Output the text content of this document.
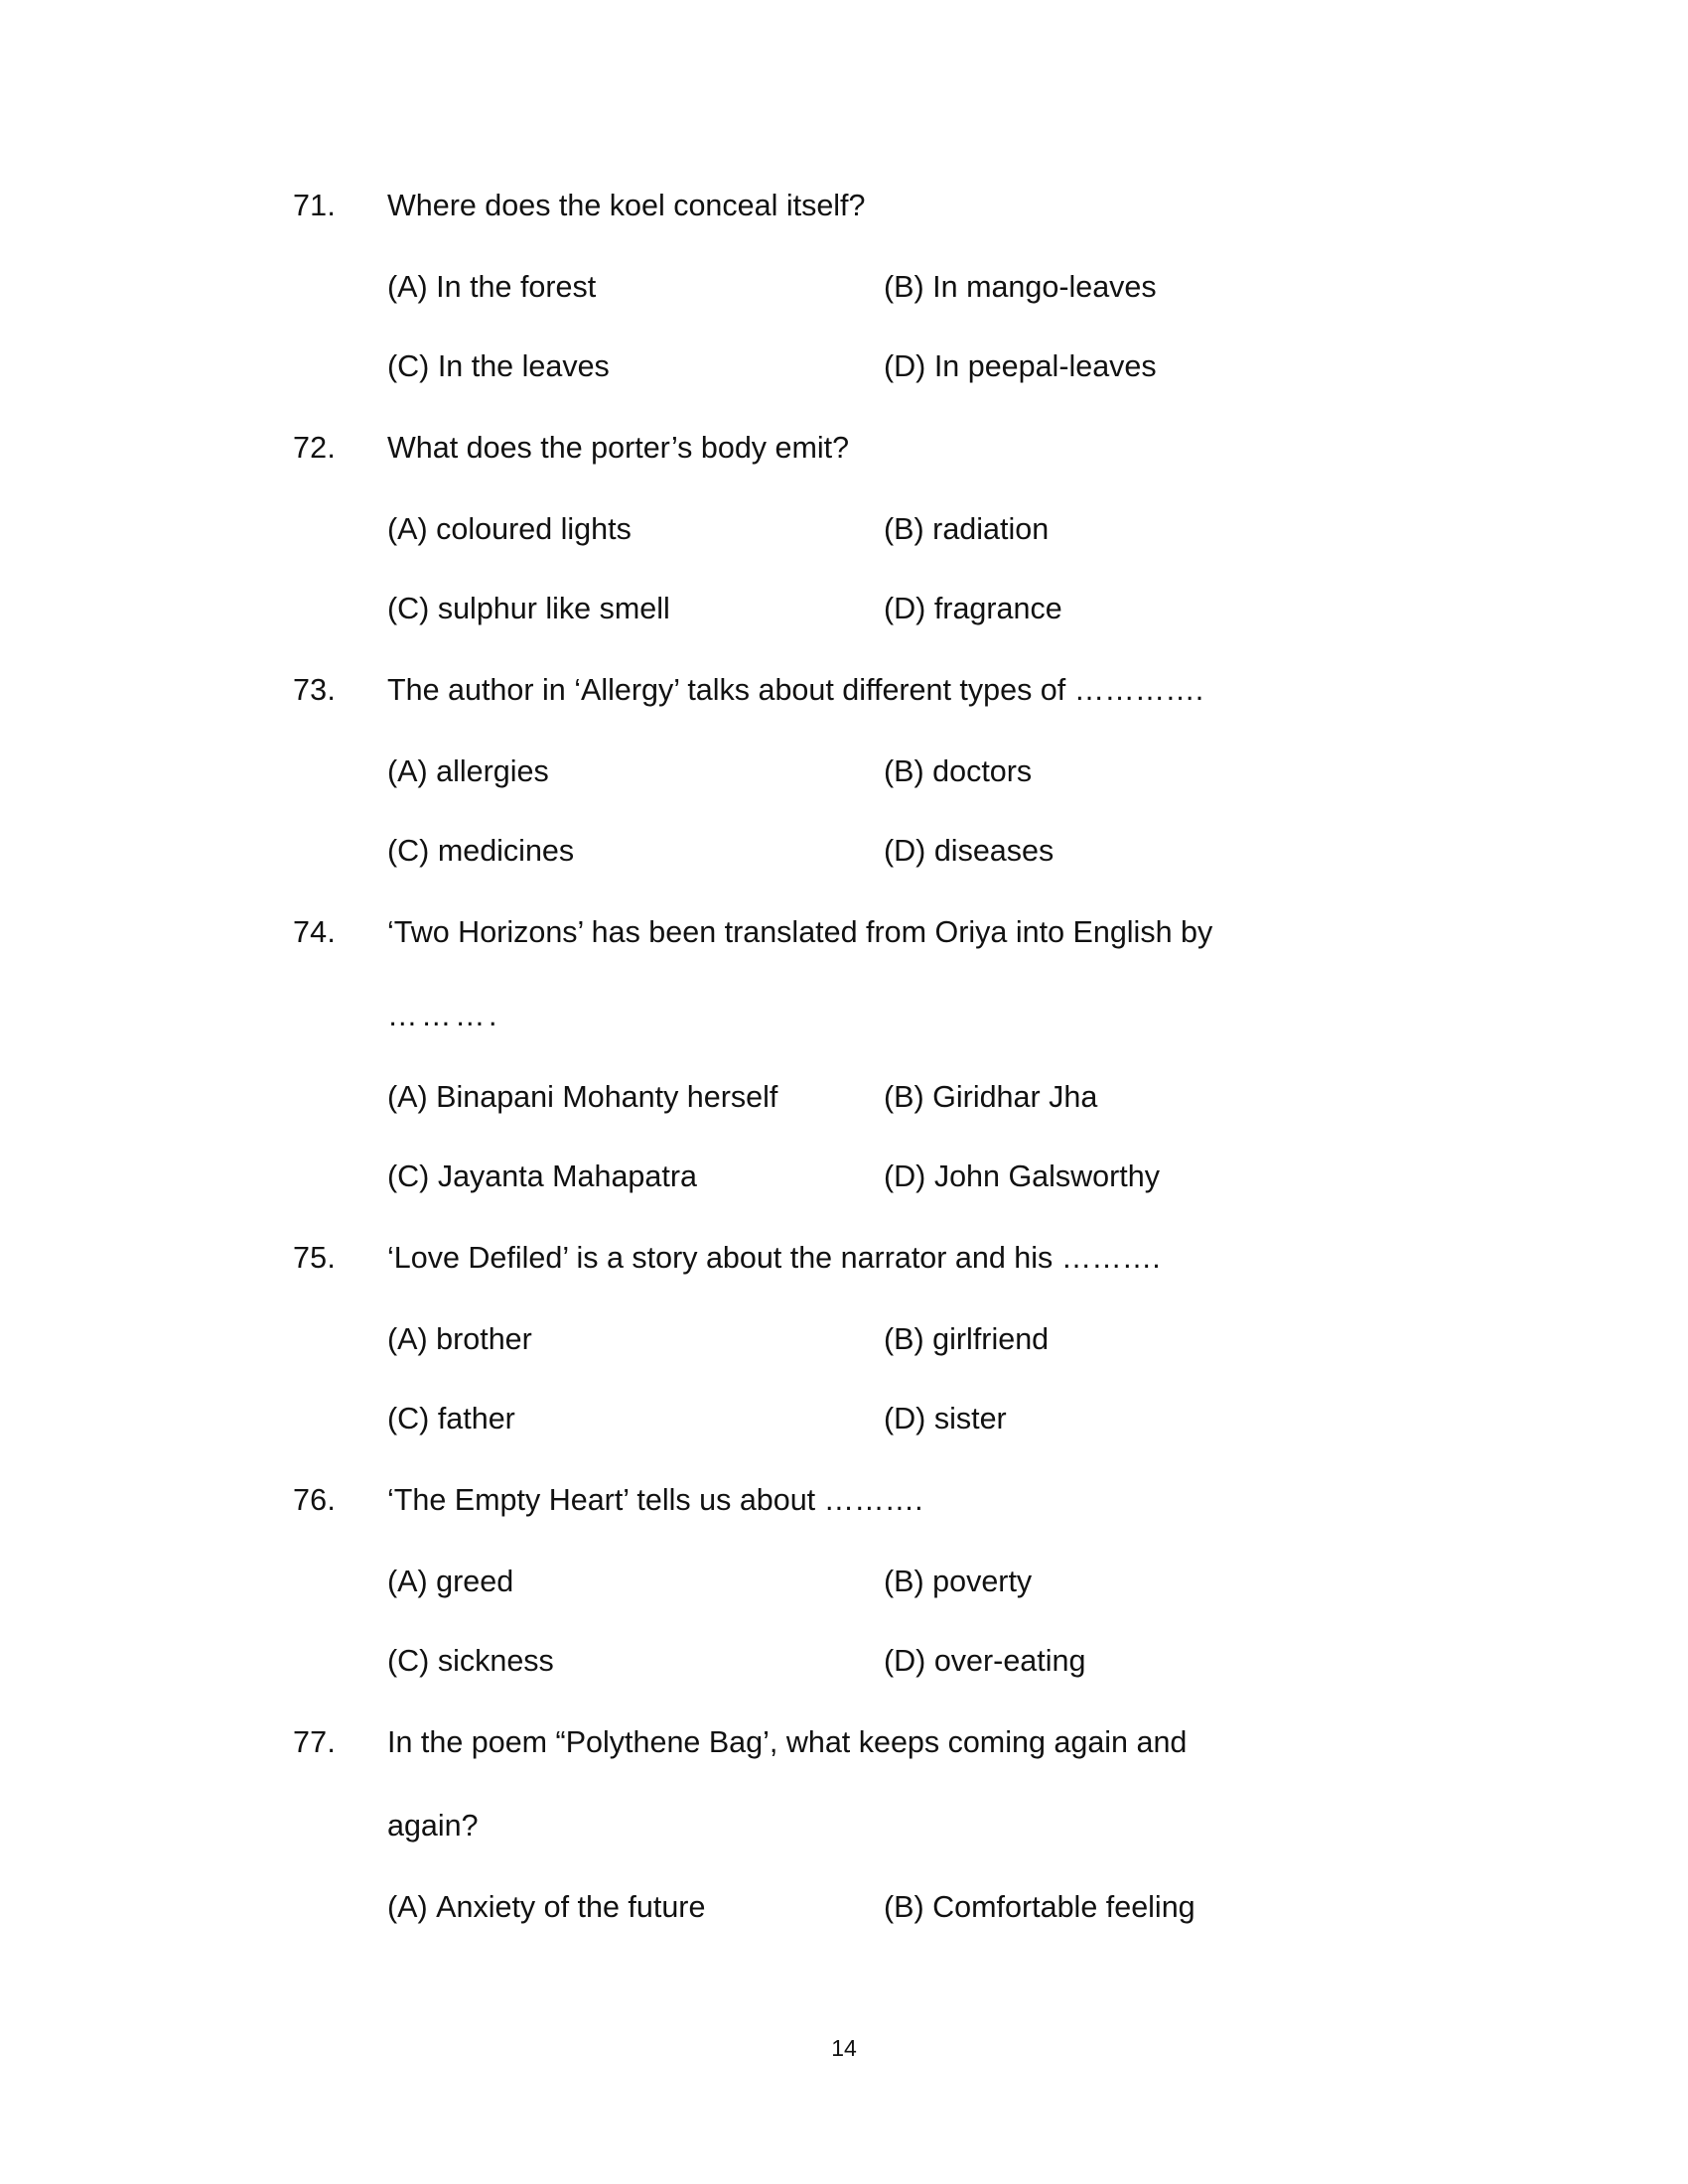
71.	Where does the koel conceal itself?
(A) In the forest	(B) In mango-leaves
(C) In the leaves	(D) In peepal-leaves
72.	What does the porter’s body emit?
(A) coloured lights	(B) radiation
(C) sulphur like smell	(D) fragrance
73.	The author in ‘Allergy’ talks about different types of ………….
(A) allergies	(B) doctors
(C) medicines	(D) diseases
74.	‘Two Horizons’ has been translated from Oriya into English by
……….
(A) Binapani Mohanty herself	(B) Giridhar Jha
(C) Jayanta Mahapatra	(D) John Galsworthy
75.	‘Love Defiled’ is a story about the narrator and his ……….
(A) brother	(B) girlfriend
(C) father	(D) sister
76.	‘The Empty Heart’ tells us about ……….
(A) greed	(B) poverty
(C) sickness	(D) over-eating
77.	In the poem “Polythene Bag’, what keeps coming again and
again?
(A) Anxiety of the future	(B) Comfortable feeling
14
